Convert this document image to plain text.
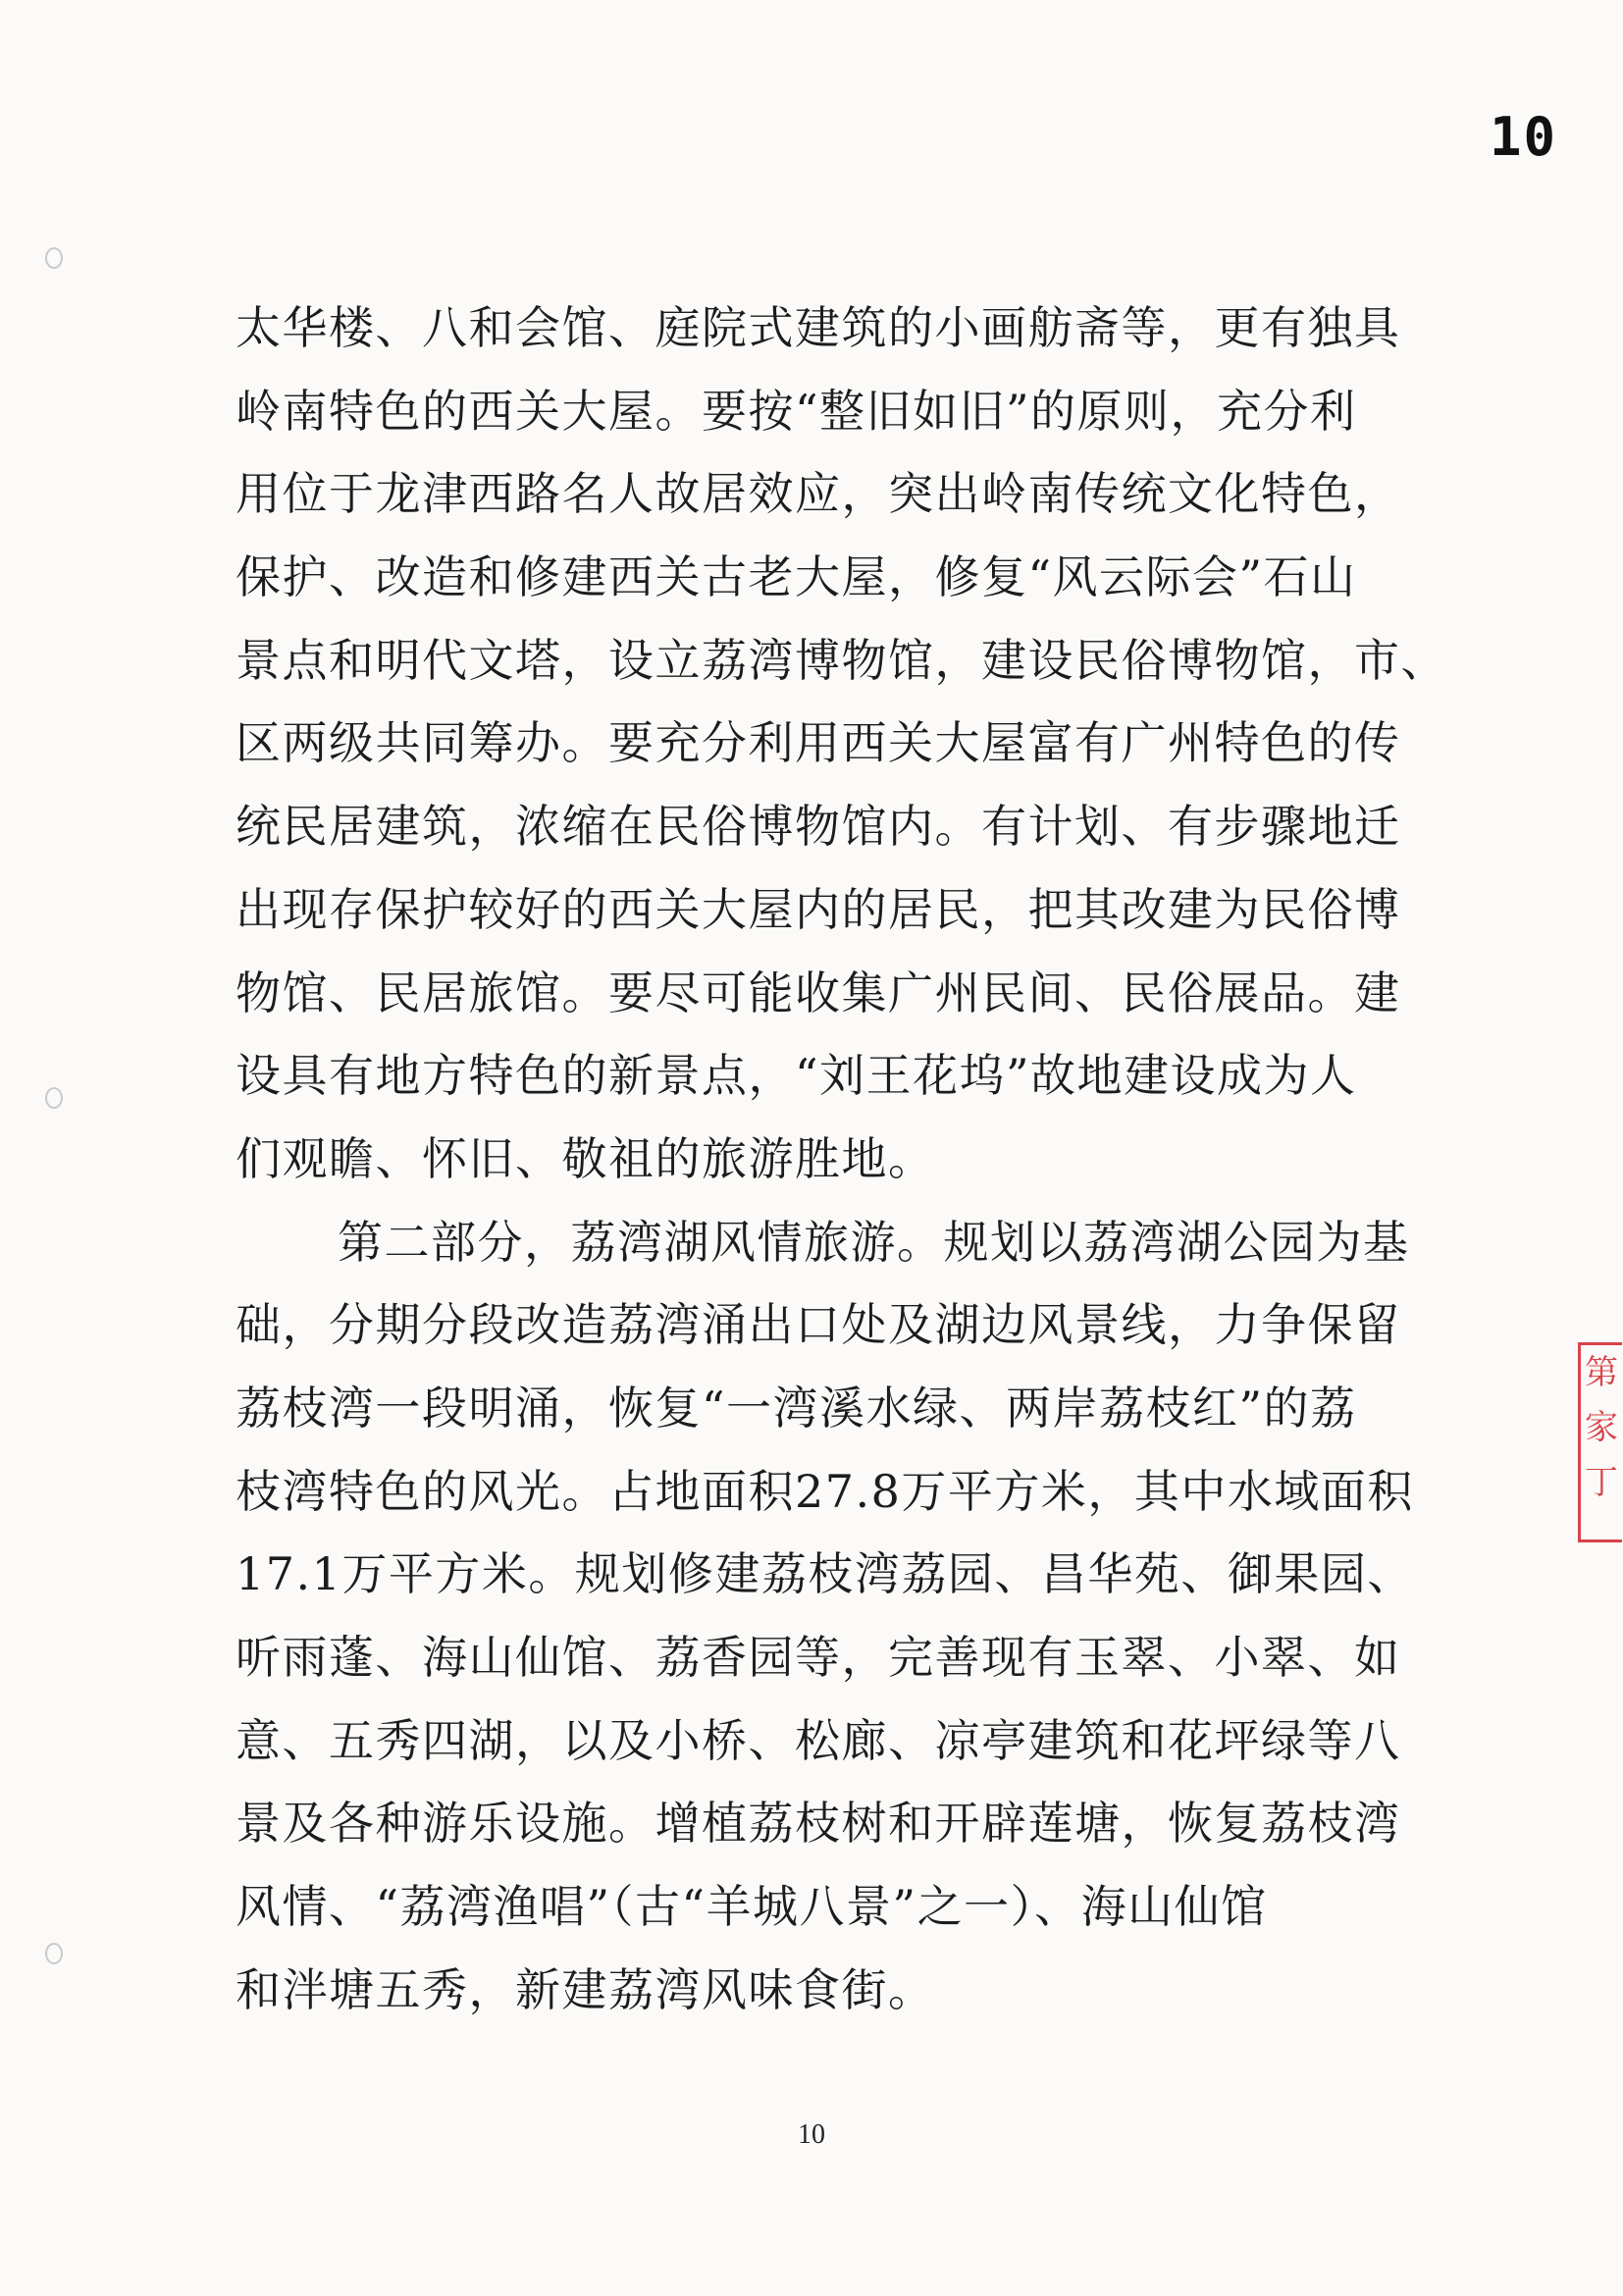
10
太华楼、八和会馆、庭院式建筑的小画舫斋等，更有独具
岭南特色的西关大屋。要按“整旧如旧”的原则，充分利
用位于龙津西路名人故居效应，突出岭南传统文化特色，
保护、改造和修建西关古老大屋，修复“风云际会”石山
景点和明代文塔，设立荔湾博物馆，建设民俗博物馆，市、
区两级共同筹办。要充分利用西关大屋富有广州特色的传
统民居建筑，浓缩在民俗博物馆内。有计划、有步骤地迁
出现存保护较好的西关大屋内的居民，把其改建为民俗博
物馆、民居旅馆。要尽可能收集广州民间、民俗展品。建
设具有地方特色的新景点，“刘王花坞”故地建设成为人
们观瞻、怀旧、敬祖的旅游胜地。
第二部分，荔湾湖风情旅游。规划以荔湾湖公园为基
础，分期分段改造荔湾涌出口处及湖边风景线，力争保留
荔枝湾一段明涌，恢复“一湾溪水绿、两岸荔枝红”的荔
枝湾特色的风光。占地面积27.8万平方米，其中水域面积
17.1万平方米。规划修建荔枝湾荔园、昌华苑、御果园、
听雨蓬、海山仙馆、荔香园等，完善现有玉翠、小翠、如
意、五秀四湖，以及小桥、松廊、凉亭建筑和花坪绿等八
景及各种游乐设施。增植荔枝树和开辟莲塘，恢复荔枝湾
风情、“荔湾渔唱”（古“羊城八景”之一）、海山仙馆
和泮塘五秀，新建荔湾风味食街。
10
第
家
丁
